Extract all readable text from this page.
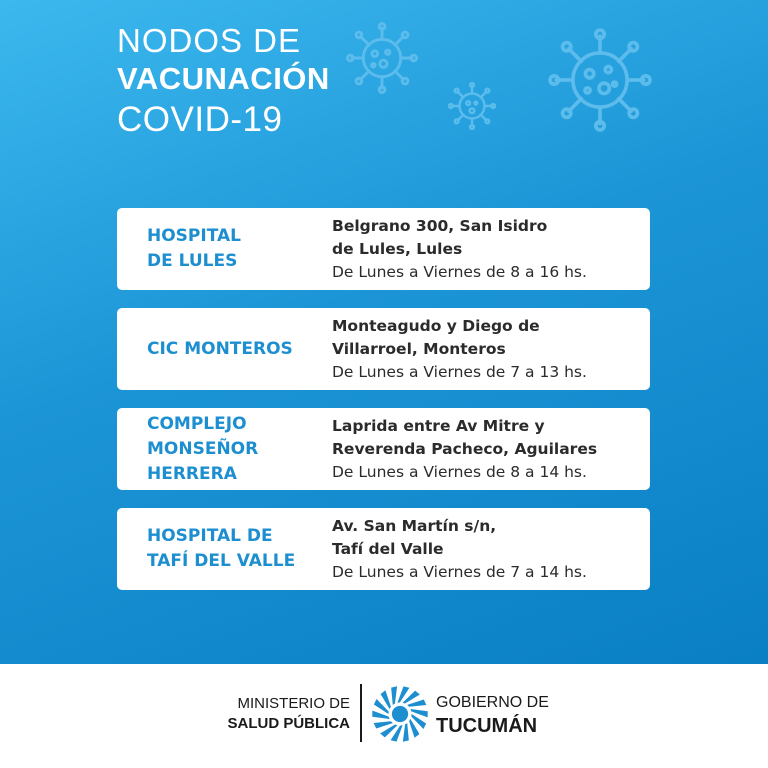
NODOS DE
VACUNACIÓN
COVID-19
HOSPITAL
DE LULES
Belgrano 300, San Isidro
de Lules, Lules
De Lunes a Viernes de 8 a 16 hs.
CIC MONTEROS
Monteagudo y Diego de
Villarroel, Monteros
De Lunes a Viernes de 7 a 13 hs.
COMPLEJO
MONSEÑOR
HERRERA
Laprida entre Av Mitre y
Reverenda Pacheco, Aguilares
De Lunes a Viernes de 8 a 14 hs.
HOSPITAL DE
TAFÍ DEL VALLE
Av. San Martín s/n,
Tafí del Valle
De Lunes a Viernes de 7 a 14 hs.
MINISTERIO DE
SALUD PÚBLICA
GOBIERNO DE
TUCUMÁN
